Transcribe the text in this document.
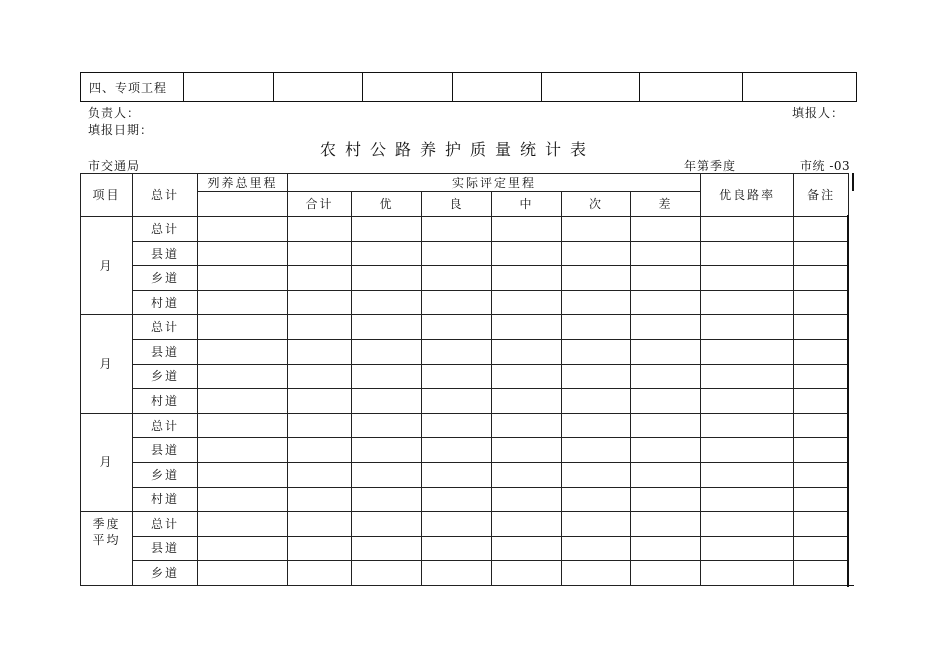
四、专项工程							
负责人：	填报人：
填报日期：
农村公路养护质量统计表
市交通局	年第季度	市统 -03
项目	总计	列养总里程	实际评定里程						优良路率	备注
			合计	优	良	中	次	差		
月	总计									
	县道									
	乡道									
	村道									
月	总计									
	县道									
	乡道									
	村道									
月	总计									
	县道									
	乡道									
	村道									
季度
平均	总计									
	县道									
	乡道									
